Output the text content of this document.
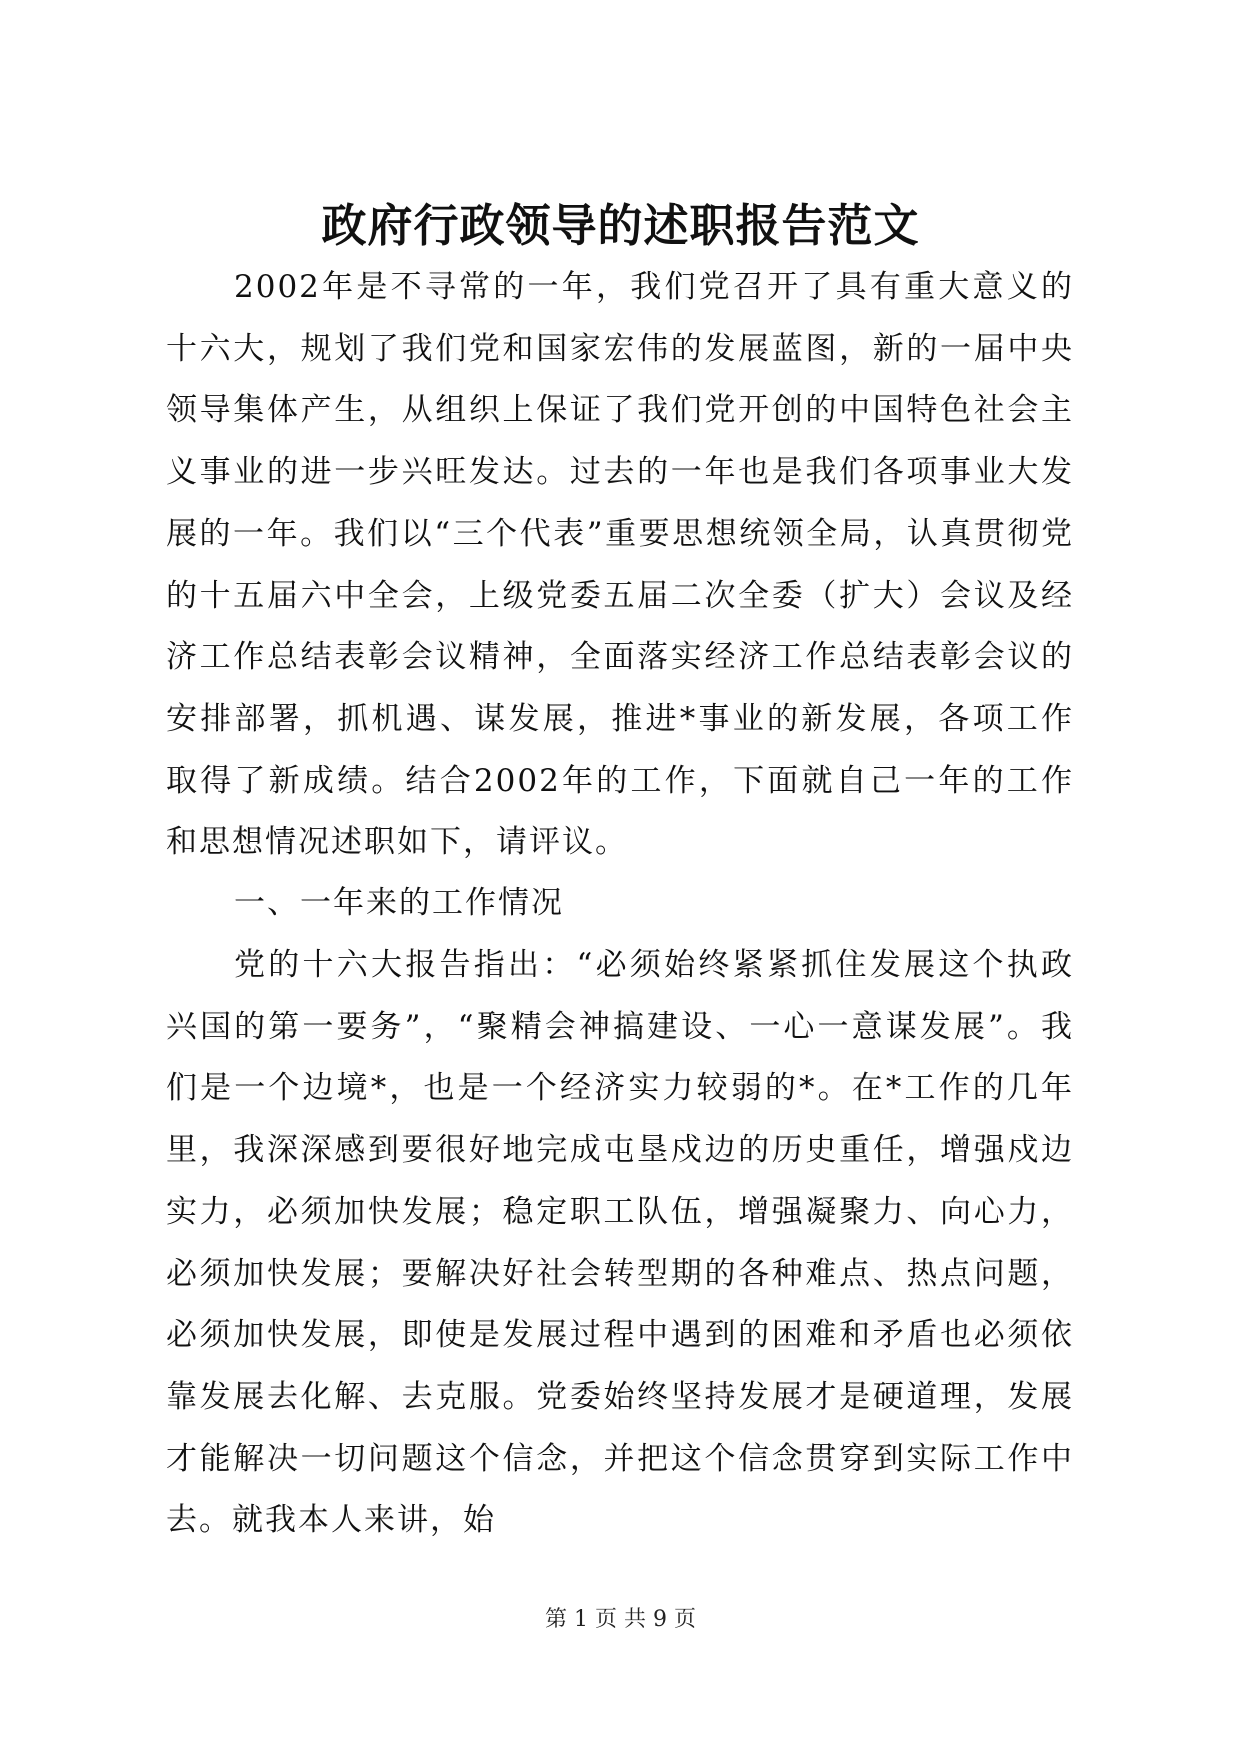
政府行政领导的述职报告范文

2002年是不寻常的一年，我们党召开了具有重大意义的十六大，规划了我们党和国家宏伟的发展蓝图，新的一届中央领导集体产生，从组织上保证了我们党开创的中国特色社会主义事业的进一步兴旺发达。过去的一年也是我们各项事业大发展的一年。我们以“三个代表”重要思想统领全局，认真贯彻党的十五届六中全会，上级党委五届二次全委（扩大）会议及经济工作总结表彰会议精神，全面落实经济工作总结表彰会议的安排部署，抓机遇、谋发展，推进*事业的新发展，各项工作取得了新成绩。结合2002年的工作，下面就自己一年的工作和思想情况述职如下，请评议。

一、一年来的工作情况

党的十六大报告指出：“必须始终紧紧抓住发展这个执政兴国的第一要务”，“聚精会神搞建设、一心一意谋发展”。我们是一个边境*，也是一个经济实力较弱的*。在*工作的几年里，我深深感到要很好地完成屯垦戍边的历史重任，增强戍边实力，必须加快发展；稳定职工队伍，增强凝聚力、向心力，必须加快发展；要解决好社会转型期的各种难点、热点问题，必须加快发展，即使是发展过程中遇到的困难和矛盾也必须依靠发展去化解、去克服。党委始终坚持发展才是硬道理，发展才能解决一切问题这个信念，并把这个信念贯穿到实际工作中去。就我本人来讲，始

第 1 页 共 9 页
